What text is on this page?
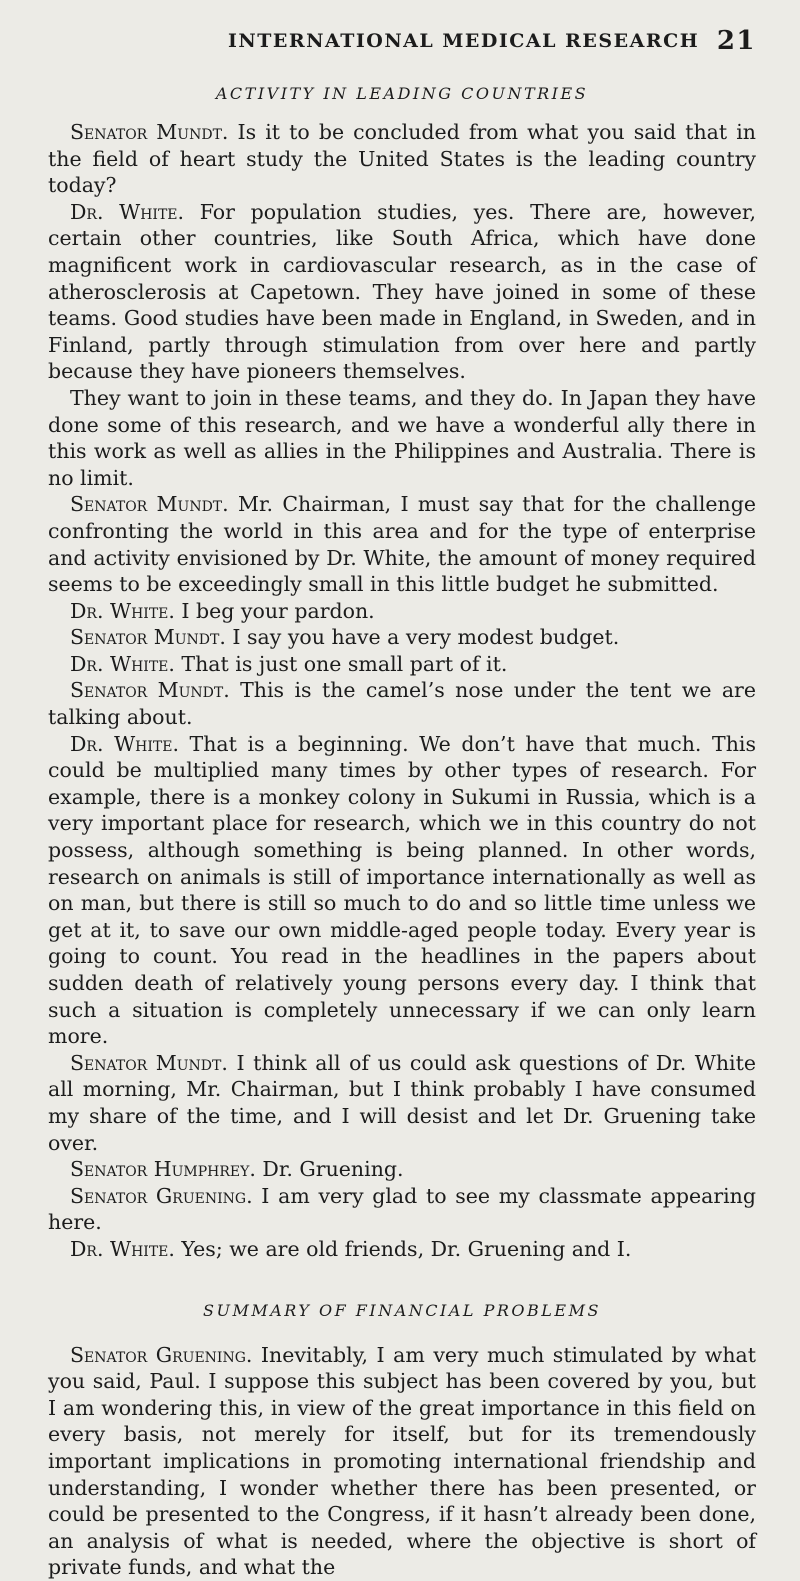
INTERNATIONAL MEDICAL RESEARCH 21
ACTIVITY IN LEADING COUNTRIES

Senator Mundt. Is it to be concluded from what you said that in the field of heart study the United States is the leading country today?

Dr. White. For population studies, yes. There are, however, certain other countries, like South Africa, which have done magnificent work in cardiovascular research, as in the case of atherosclerosis at Capetown. They have joined in some of these teams. Good studies have been made in England, in Sweden, and in Finland, partly through stimulation from over here and partly because they have pioneers themselves.

They want to join in these teams, and they do. In Japan they have done some of this research, and we have a wonderful ally there in this work as well as allies in the Philippines and Australia. There is no limit.

Senator Mundt. Mr. Chairman, I must say that for the challenge confronting the world in this area and for the type of enterprise and activity envisioned by Dr. White, the amount of money required seems to be exceedingly small in this little budget he submitted.

Dr. White. I beg your pardon.

Senator Mundt. I say you have a very modest budget.

Dr. White. That is just one small part of it.

Senator Mundt. This is the camel’s nose under the tent we are talking about.

Dr. White. That is a beginning. We don’t have that much. This could be multiplied many times by other types of research. For example, there is a monkey colony in Sukumi in Russia, which is a very important place for research, which we in this country do not possess, although something is being planned. In other words, research on animals is still of importance internationally as well as on man, but there is still so much to do and so little time unless we get at it, to save our own middle-aged people today. Every year is going to count. You read in the headlines in the papers about sudden death of relatively young persons every day. I think that such a situation is completely unnecessary if we can only learn more.

Senator Mundt. I think all of us could ask questions of Dr. White all morning, Mr. Chairman, but I think probably I have consumed my share of the time, and I will desist and let Dr. Gruening take over.

Senator Humphrey. Dr. Gruening.

Senator Gruening. I am very glad to see my classmate appearing here.

Dr. White. Yes; we are old friends, Dr. Gruening and I.

SUMMARY OF FINANCIAL PROBLEMS

Senator Gruening. Inevitably, I am very much stimulated by what you said, Paul. I suppose this subject has been covered by you, but I am wondering this, in view of the great importance in this field on every basis, not merely for itself, but for its tremendously important implications in promoting international friendship and understanding, I wonder whether there has been presented, or could be presented to the Congress, if it hasn’t already been done, an analysis of what is needed, where the objective is short of private funds, and what the
